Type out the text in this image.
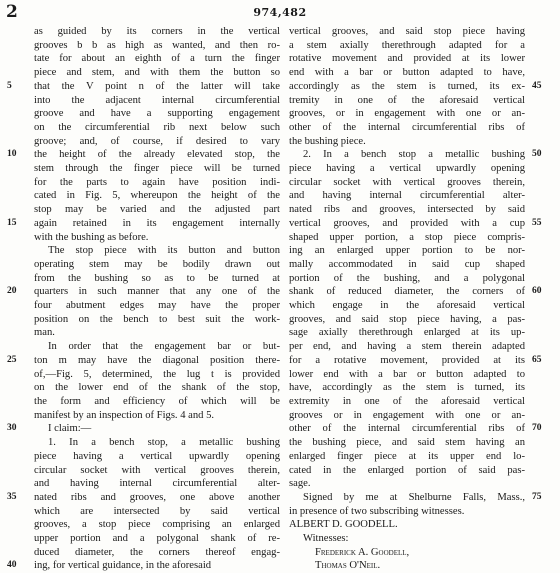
2	974,482
as guided by its corners in the vertical
grooves b b as high as wanted, and then ro-
tate for about an eighth of a turn the finger
piece and stem, and with them the button so
that the V point n of the latter will take
into the adjacent internal circumferential
groove and have a supporting engagement
on the circumferential rib next below such
groove; and, of course, if desired to vary
the height of the already elevated stop, the
stem through the finger piece will be turned
for the parts to again have position indi-
cated in Fig. 5, whereupon the height of the
stop may be varied and the adjusted part
again retained in its engagement internally
with the bushing as before.
The stop piece with its button and button
operating stem may be bodily drawn out
from the bushing so as to be turned at
quarters in such manner that any one of the
four abutment edges may have the proper
position on the bench to best suit the work-
man.
In order that the engagement bar or but-
ton m may have the diagonal position there-
of,—Fig. 5, determined, the lug t is provided
on the lower end of the shank of the stop,
the form and efficiency of which will be
manifest by an inspection of Figs. 4 and 5.
I claim:—
1. In a bench stop, a metallic bushing
piece having a vertical upwardly opening
circular socket with vertical grooves therein,
and having internal circumferential alter-
nated ribs and grooves, one above another
which are intersected by said vertical
grooves, a stop piece comprising an enlarged
upper portion and a polygonal shank of re-
duced diameter, the corners thereof engag-
ing, for vertical guidance, in the aforesaid
vertical grooves, and said stop piece having
a stem axially therethrough adapted for a
rotative movement and provided at its lower
end with a bar or button adapted to have,
accordingly as the stem is turned, its ex-
tremity in one of the aforesaid vertical
grooves, or in engagement with one or an-
other of the internal circumferential ribs of
the bushing piece.
2. In a bench stop a metallic bushing
piece having a vertical upwardly opening
circular socket with vertical grooves therein,
and having internal circumferential alter-
nated ribs and grooves, intersected by said
vertical grooves, and provided with a cup
shaped upper portion, a stop piece compris-
ing an enlarged upper portion to be nor-
mally accommodated in said cup shaped
portion of the bushing, and a polygonal
shank of reduced diameter, the corners of
which engage in the aforesaid vertical
grooves, and said stop piece having, a pas-
sage axially therethrough enlarged at its up-
per end, and having a stem therein adapted
for a rotative movement, provided at its
lower end with a bar or button adapted to
have, accordingly as the stem is turned, its
extremity in one of the aforesaid vertical
grooves or in engagement with one or an-
other of the internal circumferential ribs of
the bushing piece, and said stem having an
enlarged finger piece at its upper end lo-
cated in the enlarged portion of said pas-
sage.
Signed by me at Shelburne Falls, Mass.,
in presence of two subscribing witnesses.
ALBERT D. GOODELL.
Witnesses:
Frederick A. Goodell,
Thomas O'Neil.
5
10
15
20
25
30
35
40
45
50
55
60
65
70
75
